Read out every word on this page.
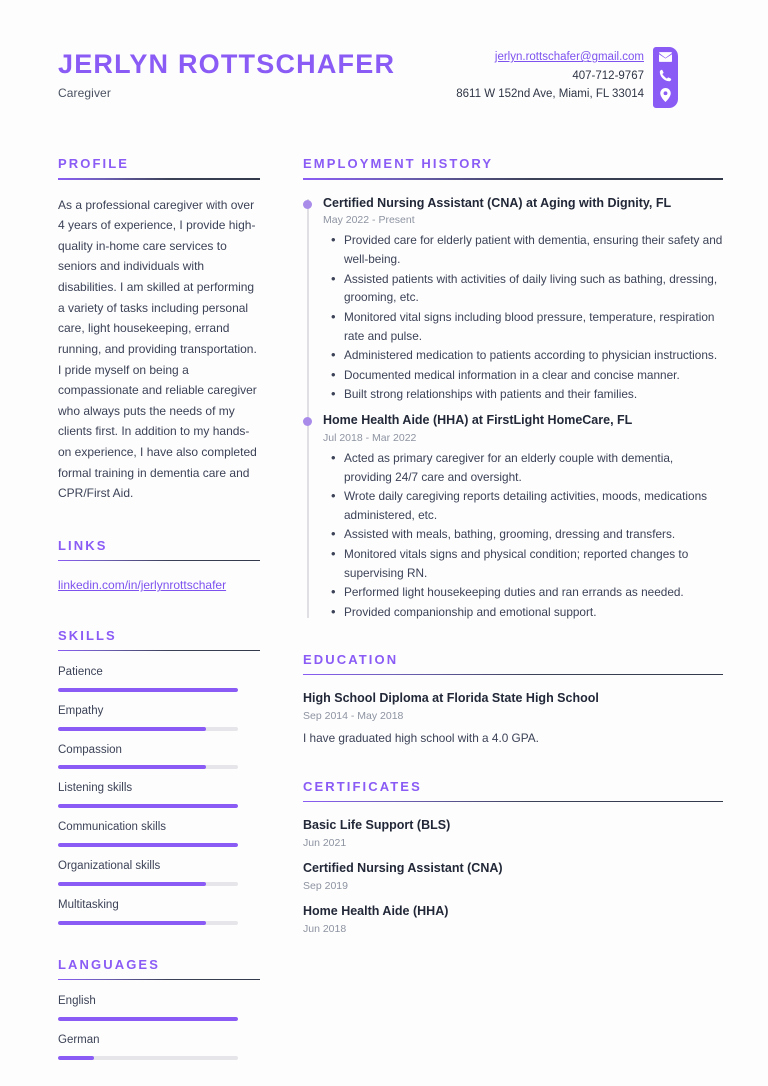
JERLYN ROTTSCHAFER
Caregiver
jerlyn.rottschafer@gmail.com
407-712-9767
8611 W 152nd Ave, Miami, FL 33014
PROFILE

As a professional caregiver with over 4 years of experience, I provide high-quality in-home care services to seniors and individuals with disabilities. I am skilled at performing a variety of tasks including personal care, light housekeeping, errand running, and providing transportation. I pride myself on being a compassionate and reliable caregiver who always puts the needs of my clients first. In addition to my hands-on experience, I have also completed formal training in dementia care and CPR/First Aid.

LINKS
linkedin.com/in/jerlynrottschafer
SKILLS
Patience
Empathy
Compassion
Listening skills
Communication skills
Organizational skills
Multitasking
LANGUAGES
English
German
EMPLOYMENT HISTORY
Certified Nursing Assistant (CNA) at Aging with Dignity, FL
May 2022 - Present
• Provided care for elderly patient with dementia, ensuring their safety and well-being.
• Assisted patients with activities of daily living such as bathing, dressing, grooming, etc.
• Monitored vital signs including blood pressure, temperature, respiration rate and pulse.
• Administered medication to patients according to physician instructions.
• Documented medical information in a clear and concise manner.
• Built strong relationships with patients and their families.
Home Health Aide (HHA) at FirstLight HomeCare, FL
Jul 2018 - Mar 2022
• Acted as primary caregiver for an elderly couple with dementia, providing 24/7 care and oversight.
• Wrote daily caregiving reports detailing activities, moods, medications administered, etc.
• Assisted with meals, bathing, grooming, dressing and transfers.
• Monitored vitals signs and physical condition; reported changes to supervising RN.
• Performed light housekeeping duties and ran errands as needed.
• Provided companionship and emotional support.
EDUCATION
High School Diploma at Florida State High School
Sep 2014 - May 2018
I have graduated high school with a 4.0 GPA.
CERTIFICATES
Basic Life Support (BLS)
Jun 2021
Certified Nursing Assistant (CNA)
Sep 2019
Home Health Aide (HHA)
Jun 2018
